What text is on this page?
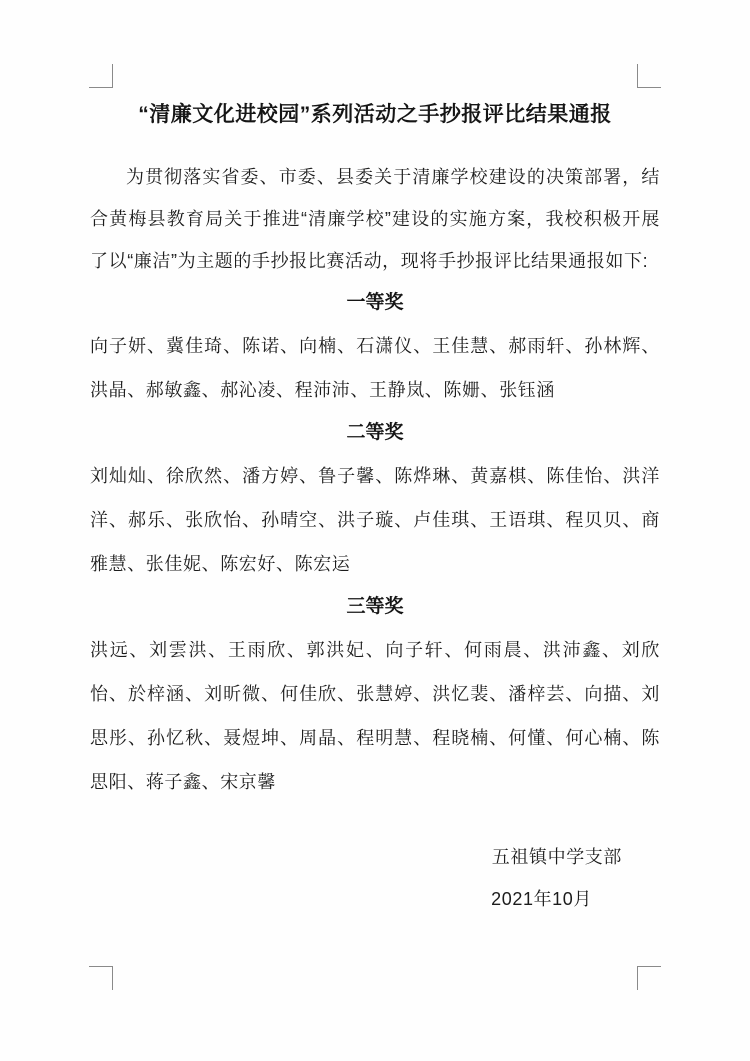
“清廉文化进校园”系列活动之手抄报评比结果通报

为贯彻落实省委、市委、县委关于清廉学校建设的决策部署，结合黄梅县教育局关于推进“清廉学校”建设的实施方案，我校积极开展了以“廉洁”为主题的手抄报比赛活动，现将手抄报评比结果通报如下:

一等奖

向子妍、冀佳琦、陈诺、向楠、石潇仪、王佳慧、郝雨轩、孙林辉、洪晶、郝敏鑫、郝沁凌、程沛沛、王静岚、陈姗、张钰涵

二等奖

刘灿灿、徐欣然、潘方婷、鲁子馨、陈烨琳、黄嘉棋、陈佳怡、洪洋洋、郝乐、张欣怡、孙晴空、洪子璇、卢佳琪、王语琪、程贝贝、商雅慧、张佳妮、陈宏好、陈宏运

三等奖

洪远、刘雲洪、王雨欣、郭洪妃、向子轩、何雨晨、洪沛鑫、刘欣怡、於梓涵、刘昕微、何佳欣、张慧婷、洪忆裴、潘梓芸、向描、刘思彤、孙忆秋、聂煜坤、周晶、程明慧、程晓楠、何懂、何心楠、陈思阳、蒋子鑫、宋京馨

五祖镇中学支部

2021年10月
